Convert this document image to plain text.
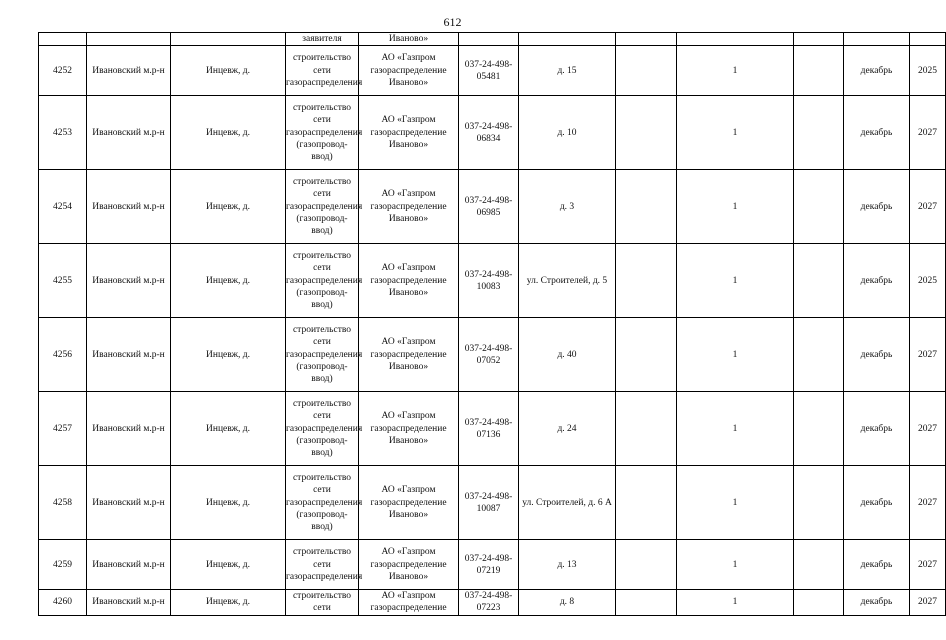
612
			заявителя	Иваново»							
4252	Ивановский м.р-н	Инцевж, д.	строительство сети газораспределения	АО «Газпром газораспределение Иваново»	037-24-498-05481	д. 15		1		декабрь	2025
4253	Ивановский м.р-н	Инцевж, д.	строительство сети газораспределения (газопровод-ввод)	АО «Газпром газораспределение Иваново»	037-24-498-06834	д. 10		1		декабрь	2027
4254	Ивановский м.р-н	Инцевж, д.	строительство сети газораспределения (газопровод-ввод)	АО «Газпром газораспределение Иваново»	037-24-498-06985	д. 3		1		декабрь	2027
4255	Ивановский м.р-н	Инцевж, д.	строительство сети газораспределения (газопровод-ввод)	АО «Газпром газораспределение Иваново»	037-24-498-10083	ул. Строителей, д. 5		1		декабрь	2025
4256	Ивановский м.р-н	Инцевж, д.	строительство сети газораспределения (газопровод-ввод)	АО «Газпром газораспределение Иваново»	037-24-498-07052	д. 40		1		декабрь	2027
4257	Ивановский м.р-н	Инцевж, д.	строительство сети газораспределения (газопровод-ввод)	АО «Газпром газораспределение Иваново»	037-24-498-07136	д. 24		1		декабрь	2027
4258	Ивановский м.р-н	Инцевж, д.	строительство сети газораспределения (газопровод-ввод)	АО «Газпром газораспределение Иваново»	037-24-498-10087	ул. Строителей, д. 6 А		1		декабрь	2027
4259	Ивановский м.р-н	Инцевж, д.	строительство сети газораспределения	АО «Газпром газораспределение Иваново»	037-24-498-07219	д. 13		1		декабрь	2027
4260	Ивановский м.р-н	Инцевж, д.	строительство сети	АО «Газпром газораспределение	037-24-498-07223	д. 8		1		декабрь	2027
